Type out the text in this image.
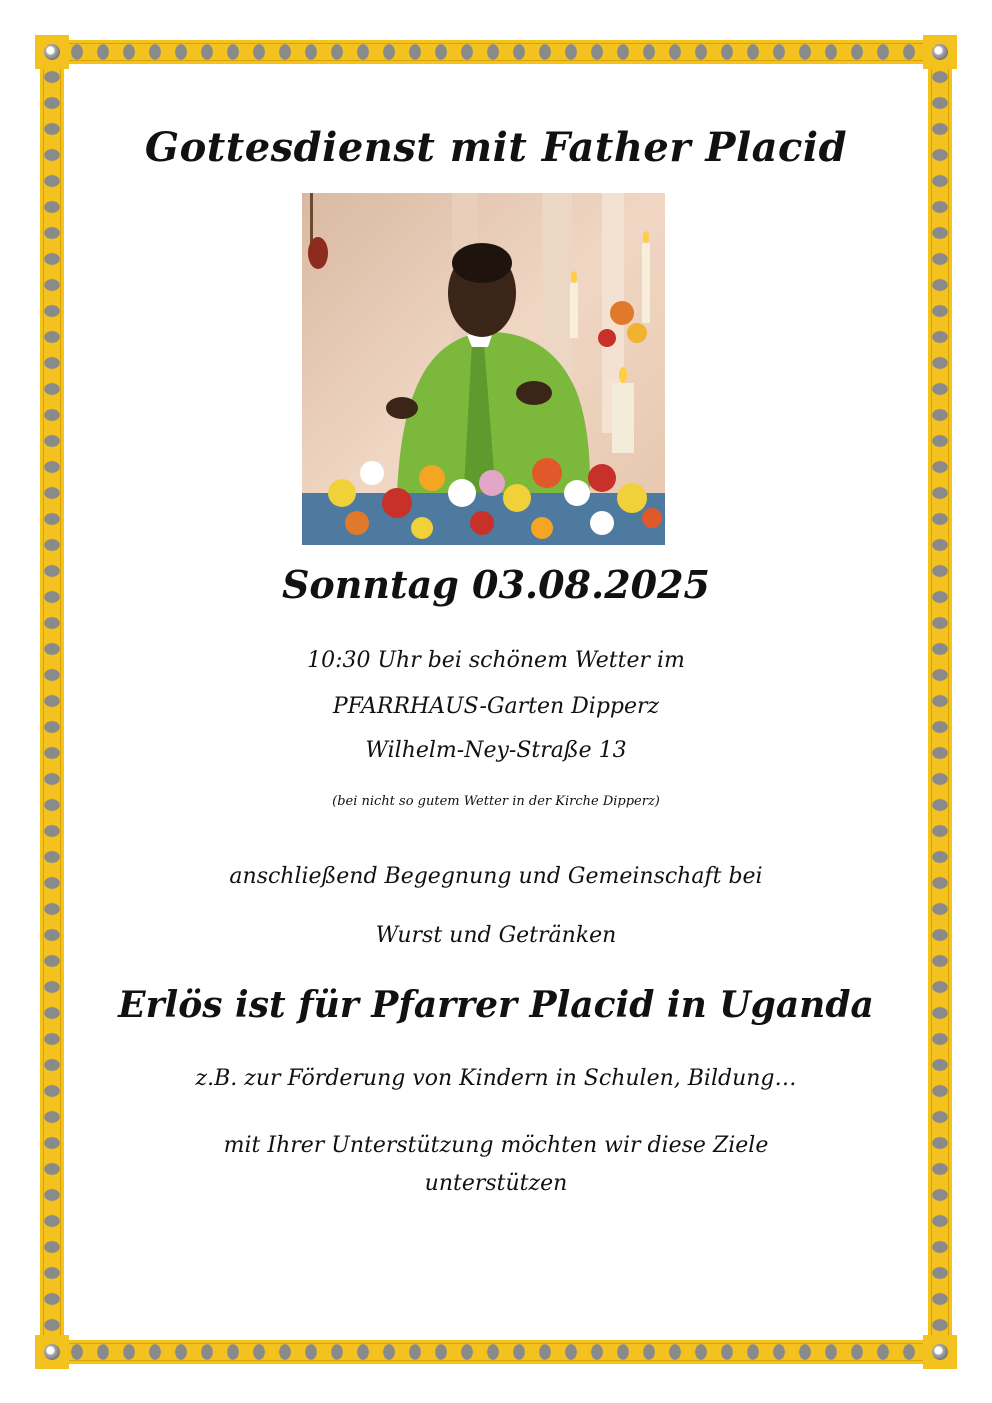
Gottesdienst mit Father Placid
Sonntag 03.08.2025

10:30 Uhr bei schönem Wetter im

PFARRHAUS-Garten Dipperz

Wilhelm-Ney-Straße 13

(bei nicht so gutem Wetter in der Kirche Dipperz)

anschließend Begegnung und Gemeinschaft bei

Wurst und Getränken

Erlös ist für Pfarrer Placid in Uganda

z.B. zur Förderung von Kindern in Schulen, Bildung…

mit Ihrer Unterstützung möchten wir diese Ziele

unterstützen
